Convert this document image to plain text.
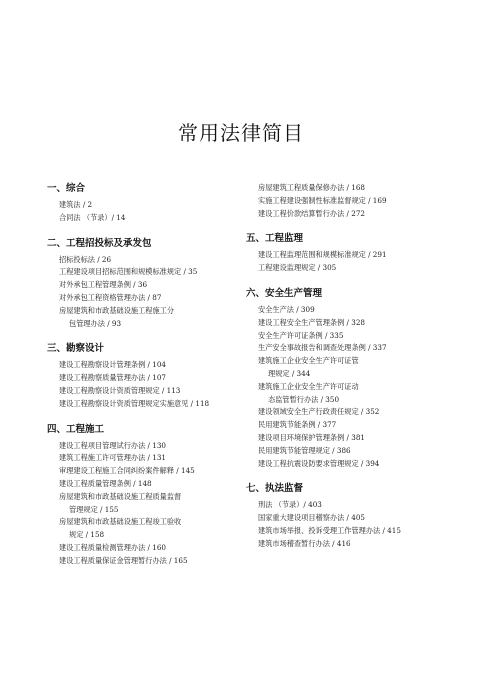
常用法律简目
一、综合
建筑法 / 2
合同法 （节录）/ 14
二、工程招投标及承发包
招标投标法 / 26
工程建设项目招标范围和规模标准规定 / 35
对外承包工程管理条例 / 36
对外承包工程资格管理办法 / 87
房屋建筑和市政基础设施工程施工分
包管理办法 / 93
三、勘察设计
建设工程勘察设计管理条例 / 104
建设工程勘察质量管理办法 / 107
建设工程勘察设计资质管理规定 / 113
建设工程勘察设计资质管理规定实施意见 / 118
四、工程施工
建设工程项目管理试行办法 / 130
建筑工程施工许可管理办法 / 131
审理建设工程施工合同纠纷案件解释 / 145
建设工程质量管理条例 / 148
房屋建筑和市政基础设施工程质量监督
管理规定 / 155
房屋建筑和市政基础设施工程竣工验收
规定 / 158
建设工程质量检测管理办法 / 160
建设工程质量保证金管理暂行办法 / 165
房屋建筑工程质量保修办法 / 168
实施工程建设强制性标准监督规定 / 169
建设工程价款结算暂行办法 / 272
五、工程监理
建设工程监理范围和规模标准规定 / 291
工程建设监理规定 / 305
六、安全生产管理
安全生产法 / 309
建设工程安全生产管理条例 / 328
安全生产许可证条例 / 335
生产安全事故报告和调查处理条例 / 337
建筑施工企业安全生产许可证管
理规定 / 344
建筑施工企业安全生产许可证动
态监管暂行办法 / 350
建设领域安全生产行政责任规定 / 352
民用建筑节能条例 / 377
建设项目环境保护管理条例 / 381
民用建筑节能管理规定 / 386
建设工程抗震设防要求管理规定 / 394
七、执法监督
刑法 （节录）/ 403
国家重大建设项目稽察办法 / 405
建筑市场举报、投诉受理工作管理办法 / 415
建筑市场稽查暂行办法 / 416
